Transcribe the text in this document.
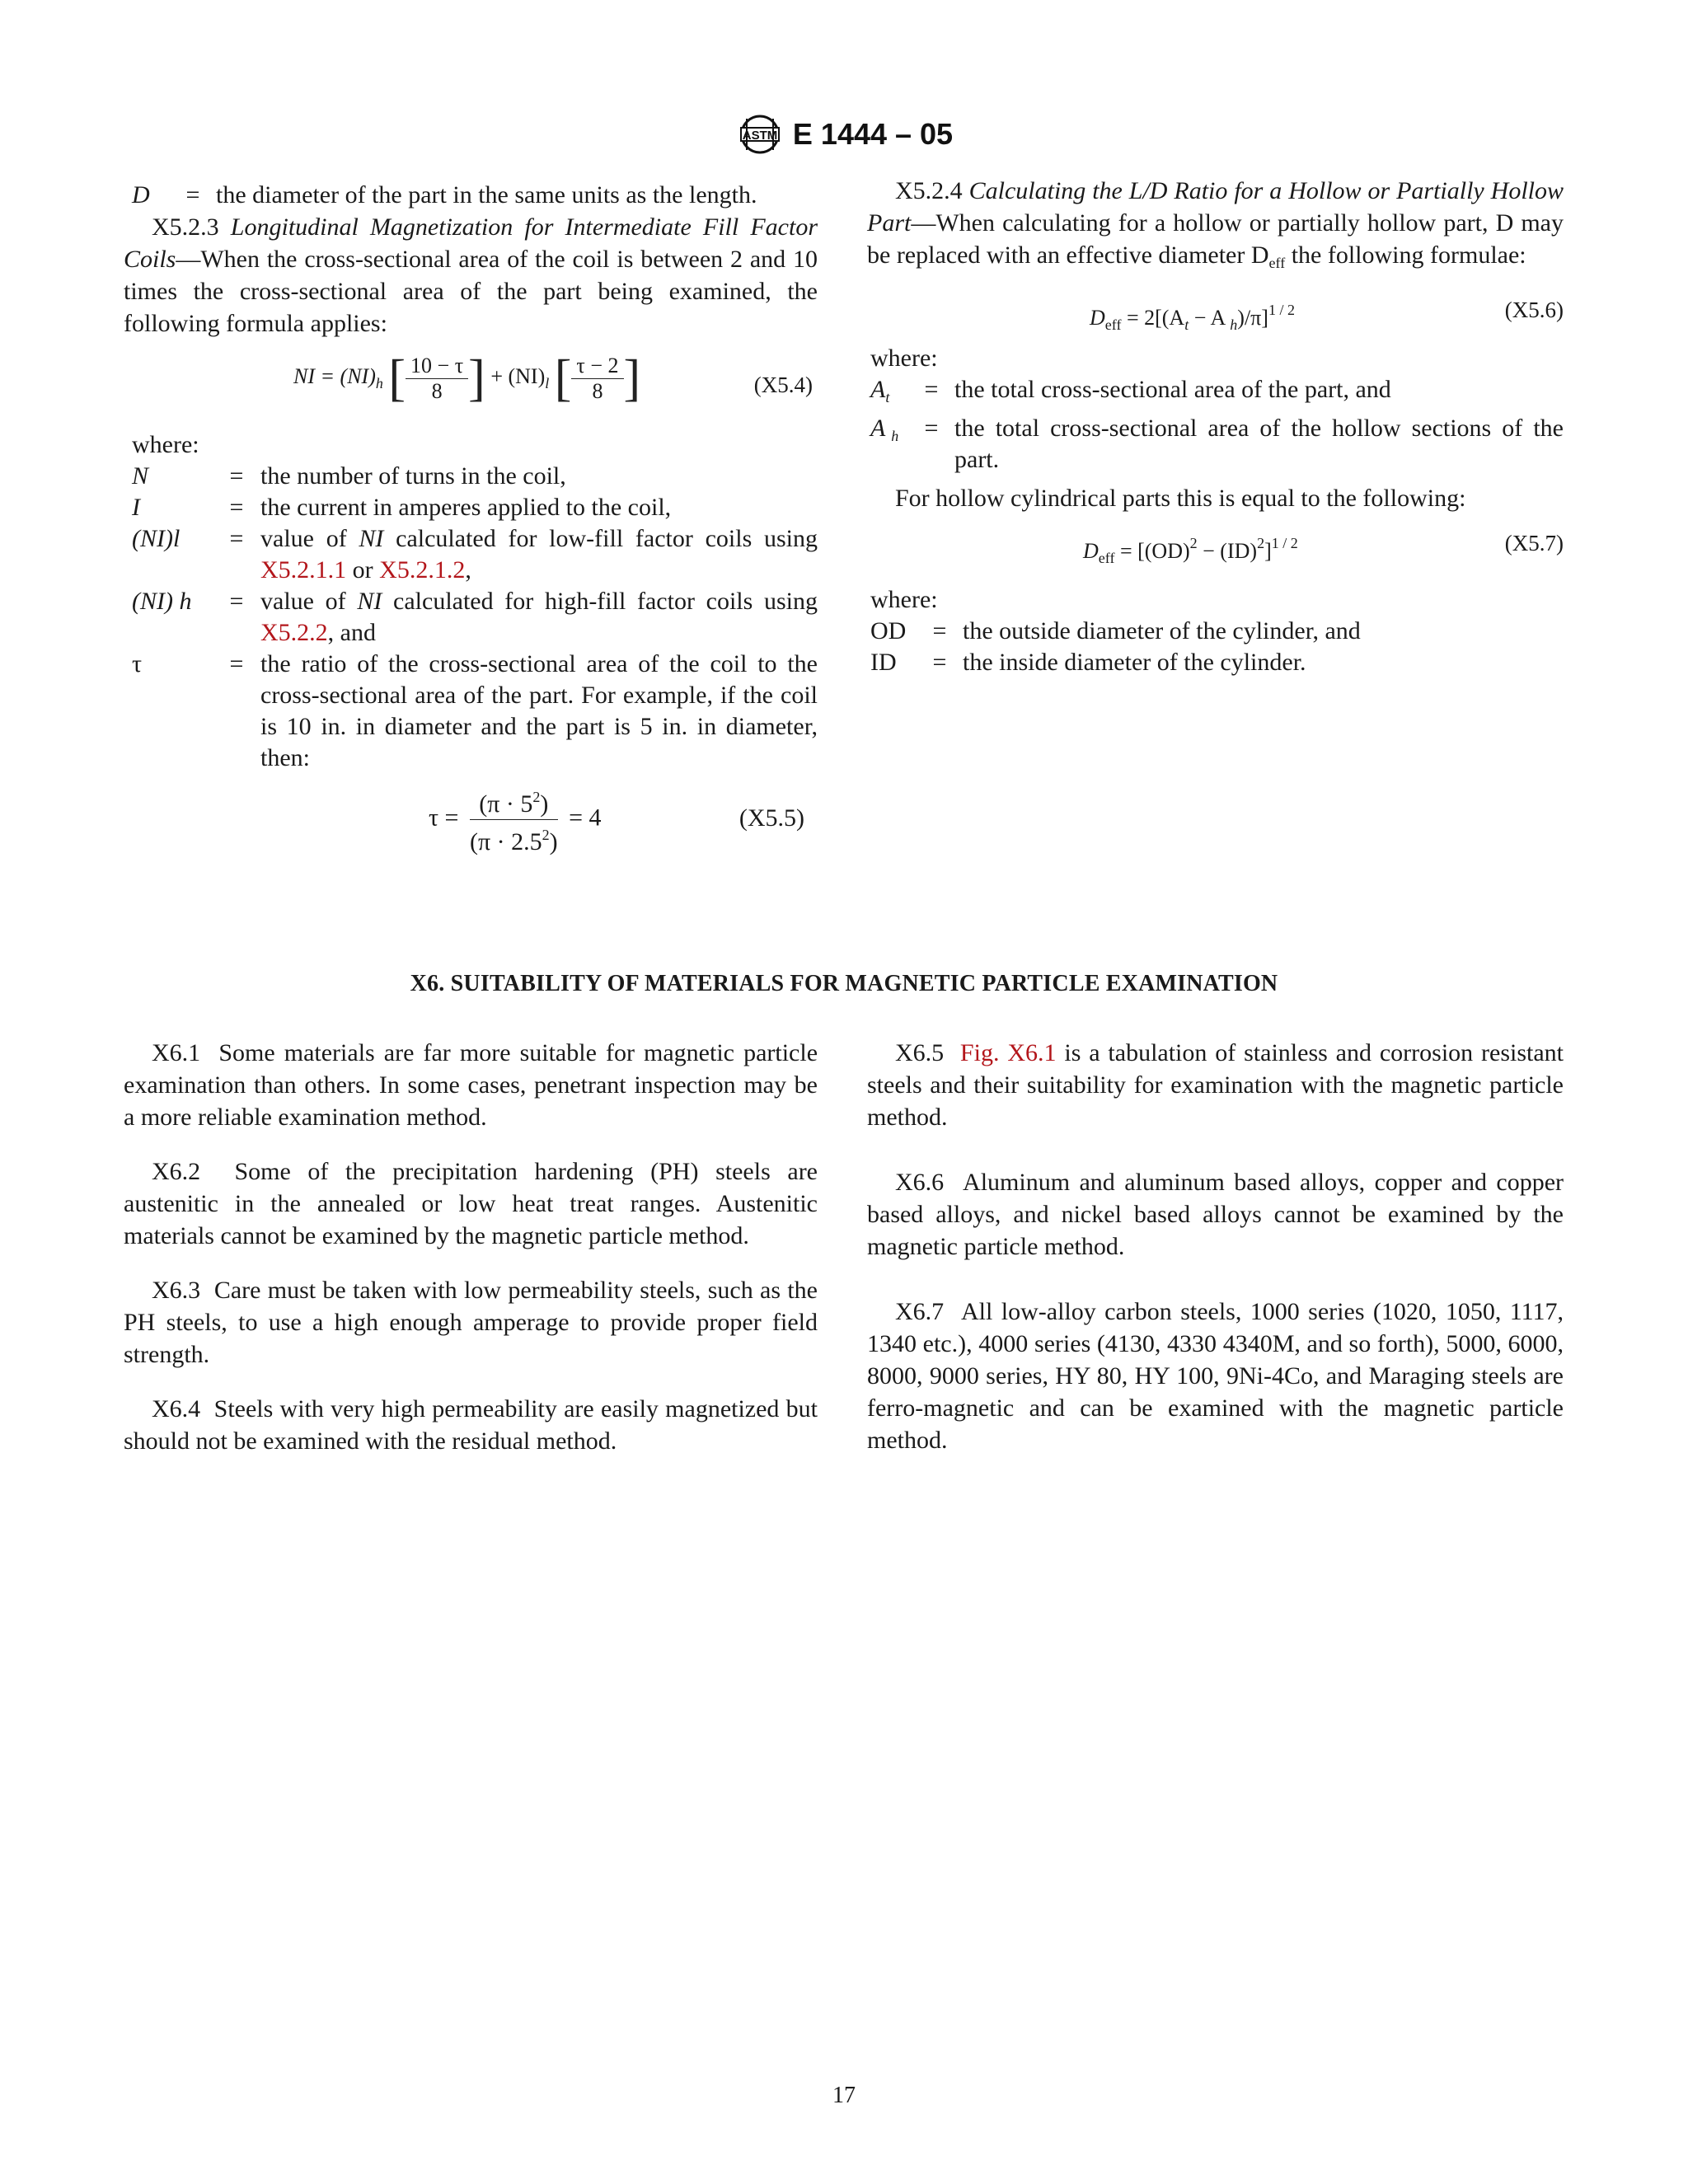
ASTM E 1444 – 05
D	=	the diameter of the part in the same units as the length.

X5.2.3 Longitudinal Magnetization for Intermediate Fill Factor Coils—When the cross-sectional area of the coil is between 2 and 10 times the cross-sectional area of the part being examined, the following formula applies:

NI = $(NI)_h$ [ $\frac{10 - \tau}{8}$ ] + $(NI)_l$ [ $\frac{\tau - 2}{8}$ ]	(X5.4)
where:
N	=	the number of turns in the coil,
I	=	the current in amperes applied to the coil,
(NI)l	=	value of NI calculated for low-fill factor coils using X5.2.1.1 or X5.2.1.2,
(NI) h	=	value of NI calculated for high-fill factor coils using X5.2.2, and
τ	=	the ratio of the cross-sectional area of the coil to the cross-sectional area of the part. For example, if the coil is 10 in. in diameter and the part is 5 in. in diameter, then:
$\tau = \frac{(\pi \cdot 5^2)}{(\pi \cdot 2.5^2)} = 4$	(X5.5)

X5.2.4 Calculating the L/D Ratio for a Hollow or Partially Hollow Part—When calculating for a hollow or partially hollow part, D may be replaced with an effective diameter $D_{eff}$ the following formulae:

$D_{eff} = 2[(A_t - A$ $_h$)/π]$^{1 / 2}$	(X5.6)
where:
$A_t$	=	the total cross-sectional area of the part, and
A $_h$	=	the total cross-sectional area of the hollow sections of the part.

For hollow cylindrical parts this is equal to the following:

$D_{eff} = [(OD)^2 - (ID)^2]^{1 / 2}$	(X5.7)
where:
OD	=	the outside diameter of the cylinder, and
ID	=	the inside diameter of the cylinder.
X6. SUITABILITY OF MATERIALS FOR MAGNETIC PARTICLE EXAMINATION

X6.1 Some materials are far more suitable for magnetic particle examination than others. In some cases, penetrant inspection may be a more reliable examination method.

X6.2 Some of the precipitation hardening (PH) steels are austenitic in the annealed or low heat treat ranges. Austenitic materials cannot be examined by the magnetic particle method.

X6.3 Care must be taken with low permeability steels, such as the PH steels, to use a high enough amperage to provide proper field strength.

X6.4 Steels with very high permeability are easily magnetized but should not be examined with the residual method.

X6.5 Fig. X6.1 is a tabulation of stainless and corrosion resistant steels and their suitability for examination with the magnetic particle method.

X6.6 Aluminum and aluminum based alloys, copper and copper based alloys, and nickel based alloys cannot be examined by the magnetic particle method.

X6.7 All low-alloy carbon steels, 1000 series (1020, 1050, 1117, 1340 etc.), 4000 series (4130, 4330 4340M, and so forth), 5000, 6000, 8000, 9000 series, HY 80, HY 100, 9Ni-4Co, and Maraging steels are ferro-magnetic and can be examined with the magnetic particle method.

17
